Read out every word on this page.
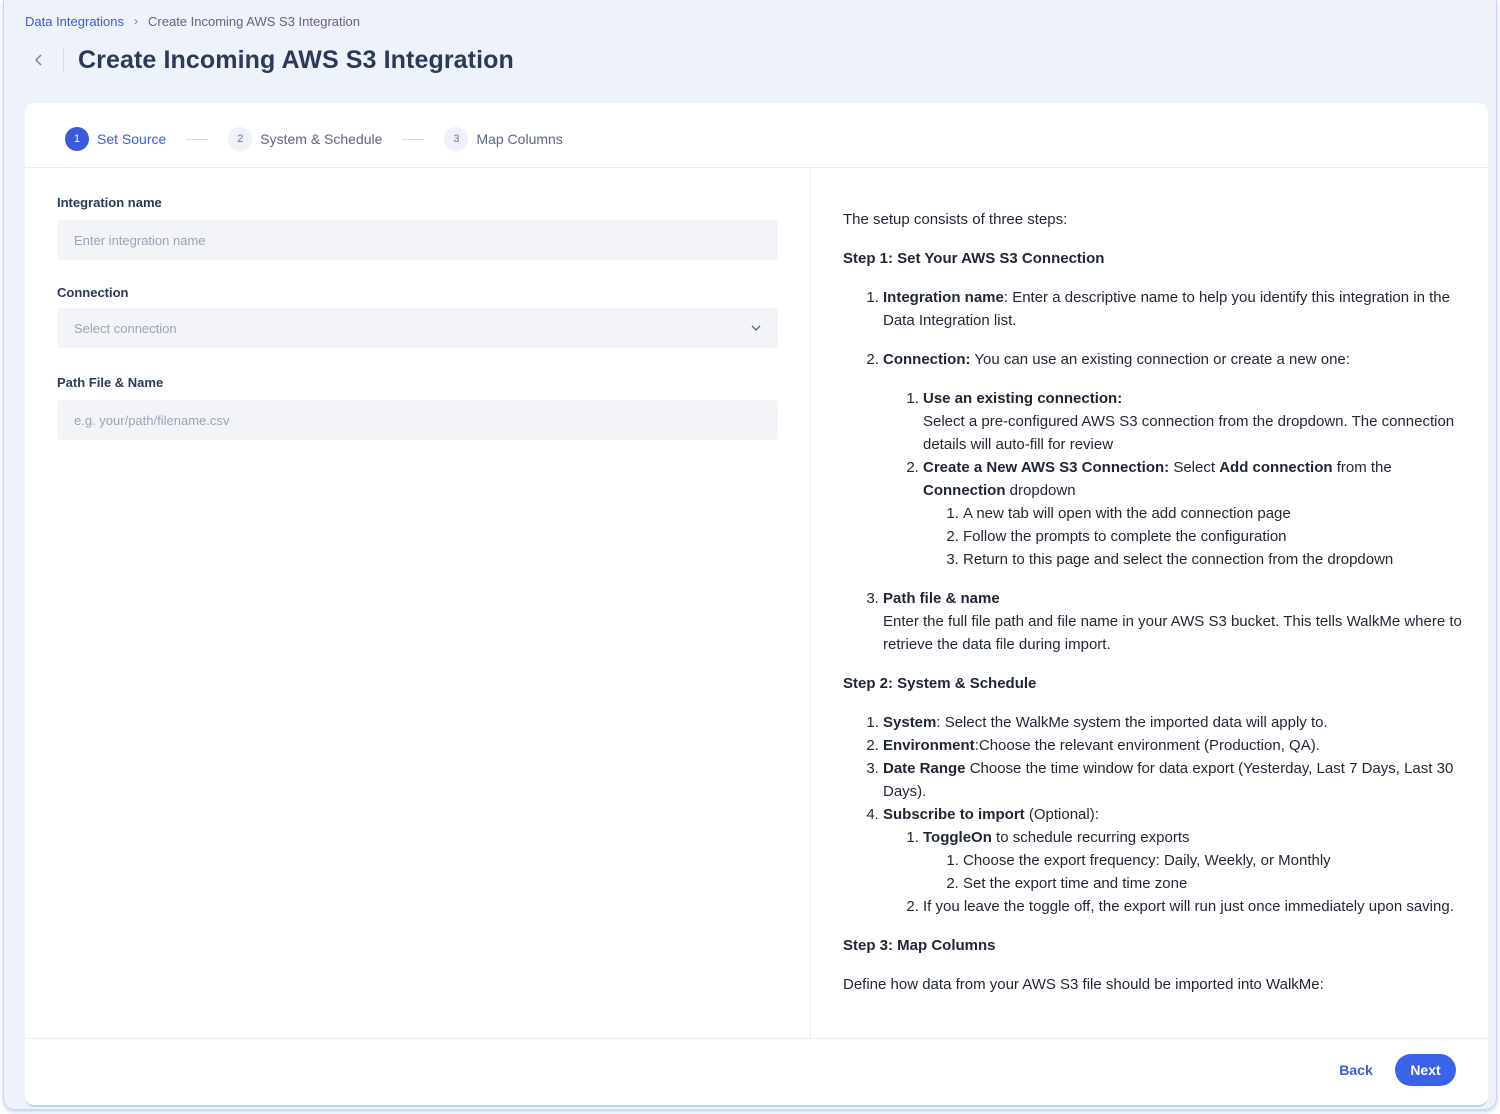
Data Integrations › Create Incoming AWS S3 Integration
Create Incoming AWS S3 Integration
1	Set Source	2	System & Schedule	3	Map Columns
Integration name
Enter integration name
Connection
Select connection
Path File & Name
e.g. your/path/filename.csv

The setup consists of three steps:

Step 1: Set Your AWS S3 Connection

1. Integration name: Enter a descriptive name to help you identify this integration in the Data Integration list.
2. Connection: You can use an existing connection or create a new one:
1. Use an existing connection:
Select a pre-configured AWS S3 connection from the dropdown. The connection details will auto-fill for review
2. Create a New AWS S3 Connection: Select Add connection from the Connection dropdown
1. A new tab will open with the add connection page
2. Follow the prompts to complete the configuration
3. Return to this page and select the connection from the dropdown
3. Path file & name
Enter the full file path and file name in your AWS S3 bucket. This tells WalkMe where to retrieve the data file during import.

Step 2: System & Schedule

1. System: Select the WalkMe system the imported data will apply to.
2. Environment:Choose the relevant environment (Production, QA).
3. Date Range Choose the time window for data export (Yesterday, Last 7 Days, Last 30 Days).
4. Subscribe to import (Optional):
1. ToggleOn to schedule recurring exports
1. Choose the export frequency: Daily, Weekly, or Monthly
2. Set the export time and time zone
2. If you leave the toggle off, the export will run just once immediately upon saving.

Step 3: Map Columns

Define how data from your AWS S3 file should be imported into WalkMe:

Back	Next
